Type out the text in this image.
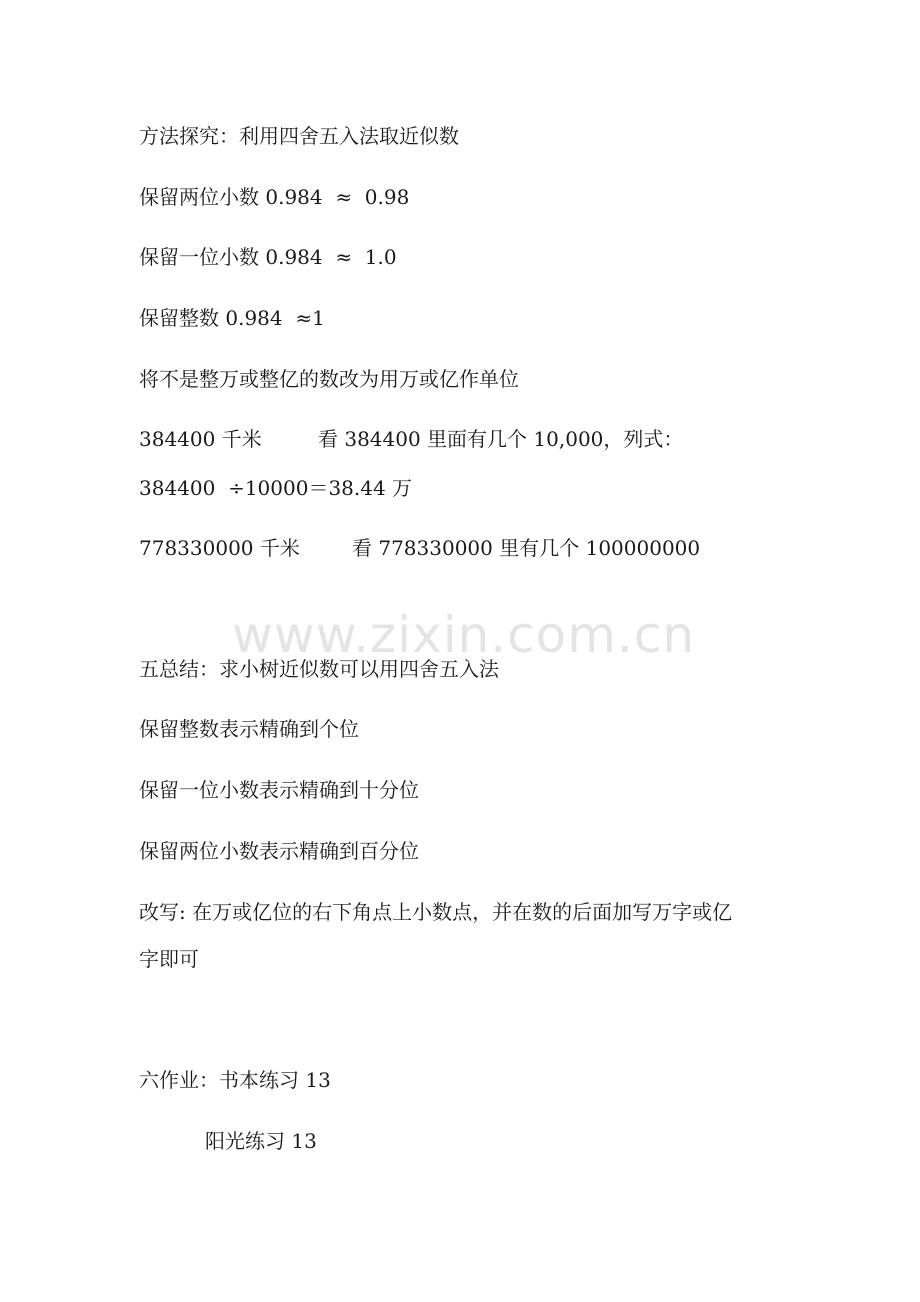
www.zixin.com.cn
方法探究：利用四舍五入法取近似数
保留两位小数 0.984  ≈  0.98
保留一位小数 0.984  ≈  1.0
保留整数 0.984  ≈1
将不是整万或整亿的数改为用万或亿作单位
384400 千米	看 384400 里面有几个 10,000，列式：
384400  ÷10000＝38.44 万
778330000 千米	看 778330000 里有几个 100000000
五总结：求小树近似数可以用四舍五入法
保留整数表示精确到个位
保留一位小数表示精确到十分位
保留两位小数表示精确到百分位
改写: 在万或亿位的右下角点上小数点，并在数的后面加写万字或亿
字即可
六作业：书本练习 13
阳光练习 13
